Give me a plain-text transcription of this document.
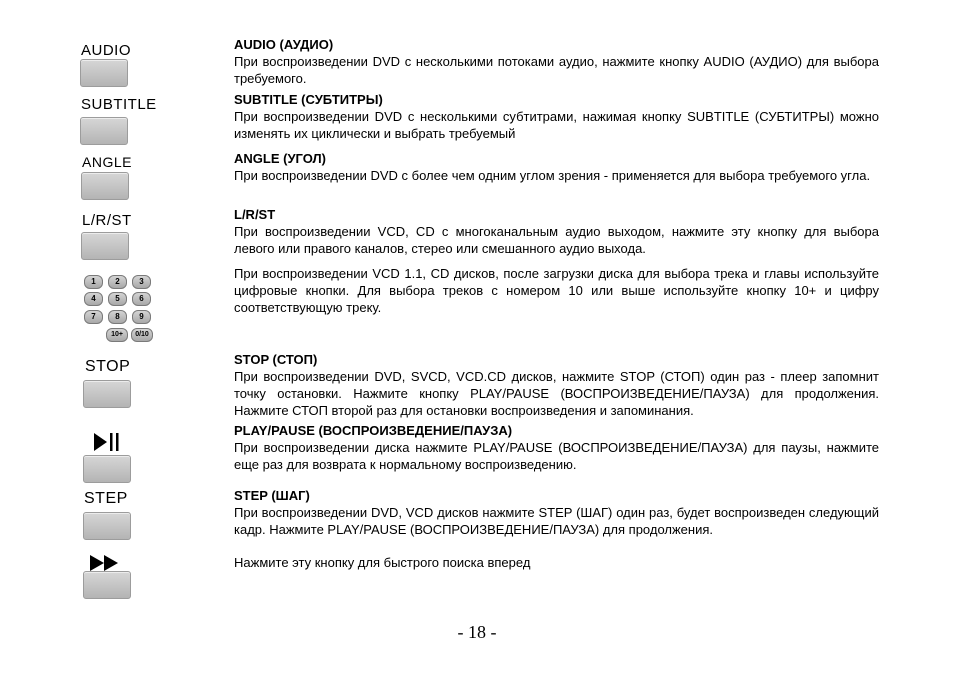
AUDIO
SUBTITLE
ANGLE
L/R/ST
1	2	3
4	5	6
7	8	9
10+	0/10
STOP
STEP
AUDIO (АУДИО)

При воспроизведении DVD с несколькими потоками аудио, нажмите кнопку AUDIO (АУДИО) для выбора требуемого.

SUBTITLE (СУБТИТРЫ)

При воспроизведении DVD с несколькими субтитрами, нажимая кнопку SUBTITLE (СУБТИТРЫ) можно изменять их циклически и выбрать требуемый

ANGLE (УГОЛ)

При воспроизведении DVD с более чем одним углом зрения - применяется для выбора требуемого угла.

L/R/ST

При воспроизведении VCD, CD с многоканальным аудио выходом, нажмите эту кнопку для выбора левого или правого каналов, стерео или смешанного аудио выхода.

При воспроизведении VCD 1.1, CD дисков, после загрузки диска для выбора трека и главы используйте цифровые кнопки. Для выбора треков с номером 10 или выше используйте кнопку 10+ и цифру соответствующую треку.

STOP (СТОП)

При воспроизведении DVD, SVCD, VCD.CD дисков, нажмите STOP (СТОП) один раз - плеер запомнит точку остановки. Нажмите кнопку PLAY/PAUSE (ВОСПРОИЗВЕДЕНИЕ/ПАУЗА) для продолжения. Нажмите СТОП второй раз для остановки воспроизведения и запоминания.

PLAY/PAUSE (ВОСПРОИЗВЕДЕНИЕ/ПАУЗА)

При воспроизведении диска нажмите PLAY/PAUSE (ВОСПРОИЗВЕДЕНИЕ/ПАУЗА) для паузы, нажмите еще раз для возврата к нормальному воспроизведению.

STEP (ШАГ)

При воспроизведении DVD, VCD дисков нажмите STEP (ШАГ) один раз, будет воспроизведен следующий кадр. Нажмите PLAY/PAUSE (ВОСПРОИЗВЕДЕНИЕ/ПАУЗА) для продолжения.

Нажмите эту кнопку для быстрого поиска вперед

- 18 -
